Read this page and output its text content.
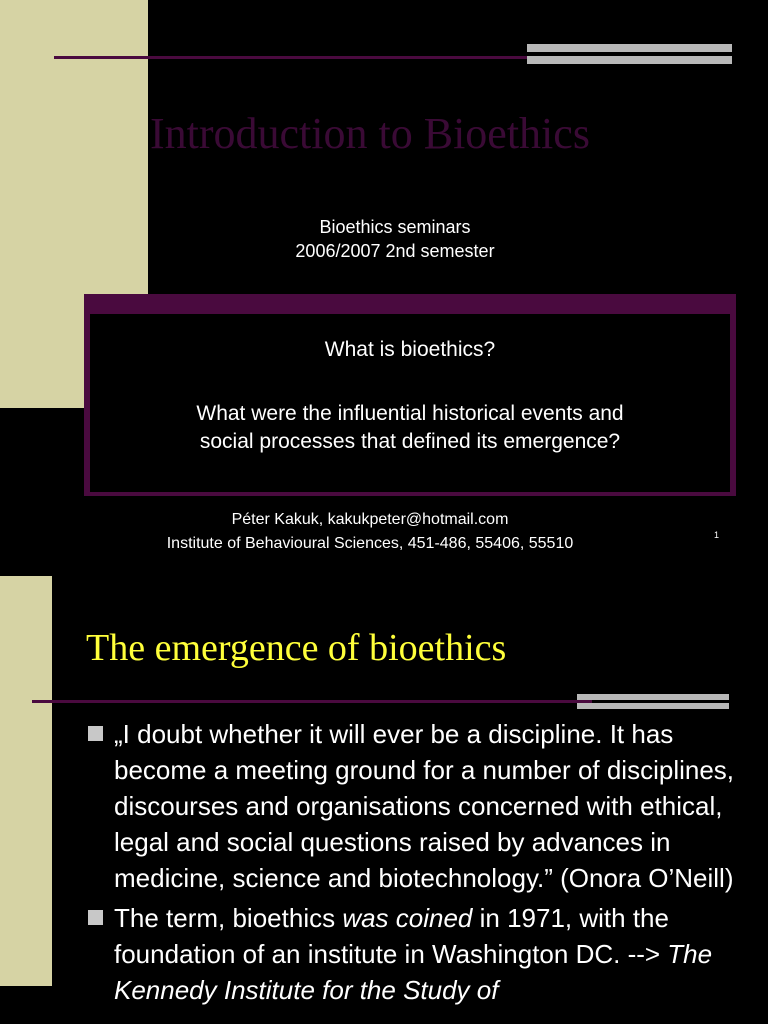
Introduction to Bioethics
Bioethics seminars
2006/2007 2nd semester
What is bioethics?
What were the influential historical events and
social processes that defined its emergence?
Péter Kakuk, kakukpeter@hotmail.com
Institute of Behavioural Sciences, 451-486, 55406, 55510	1
The emergence of bioethics
„I doubt whether it will ever be a discipline. It has become a meeting ground for a number of disciplines, discourses and organisations concerned with ethical, legal and social questions raised by advances in medicine, science and biotechnology.” (Onora O’Neill)
The term, bioethics was coined in 1971, with the foundation of an institute in Washington DC. --> The Kennedy Institute for the Study of
